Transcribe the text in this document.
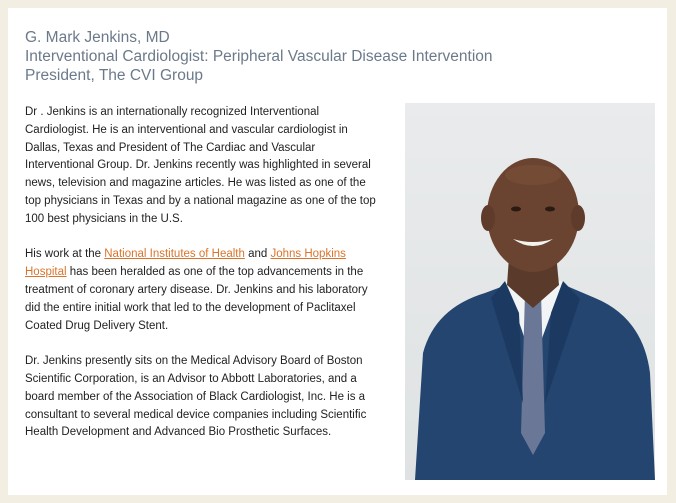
G. Mark Jenkins, MD
Interventional Cardiologist: Peripheral Vascular Disease Intervention
President, The CVI Group

Dr . Jenkins is an internationally recognized Interventional Cardiologist. He is an interventional and vascular cardiologist in Dallas, Texas and President of The Cardiac and Vascular Interventional Group. Dr. Jenkins recently was highlighted in several news, television and magazine articles. He was listed as one of the top physicians in Texas and by a national magazine as one of the top 100 best physicians in the U.S.

His work at the National Institutes of Health and Johns Hopkins Hospital has been heralded as one of the top advancements in the treatment of coronary artery disease. Dr. Jenkins and his laboratory did the entire initial work that led to the development of Paclitaxel Coated Drug Delivery Stent.

Dr. Jenkins presently sits on the Medical Advisory Board of Boston Scientific Corporation, is an Advisor to Abbott Laboratories, and a board member of the Association of Black Cardiologist, Inc. He is a consultant to several medical device companies including Scientific Health Development and Advanced Bio Prosthetic Surfaces.
